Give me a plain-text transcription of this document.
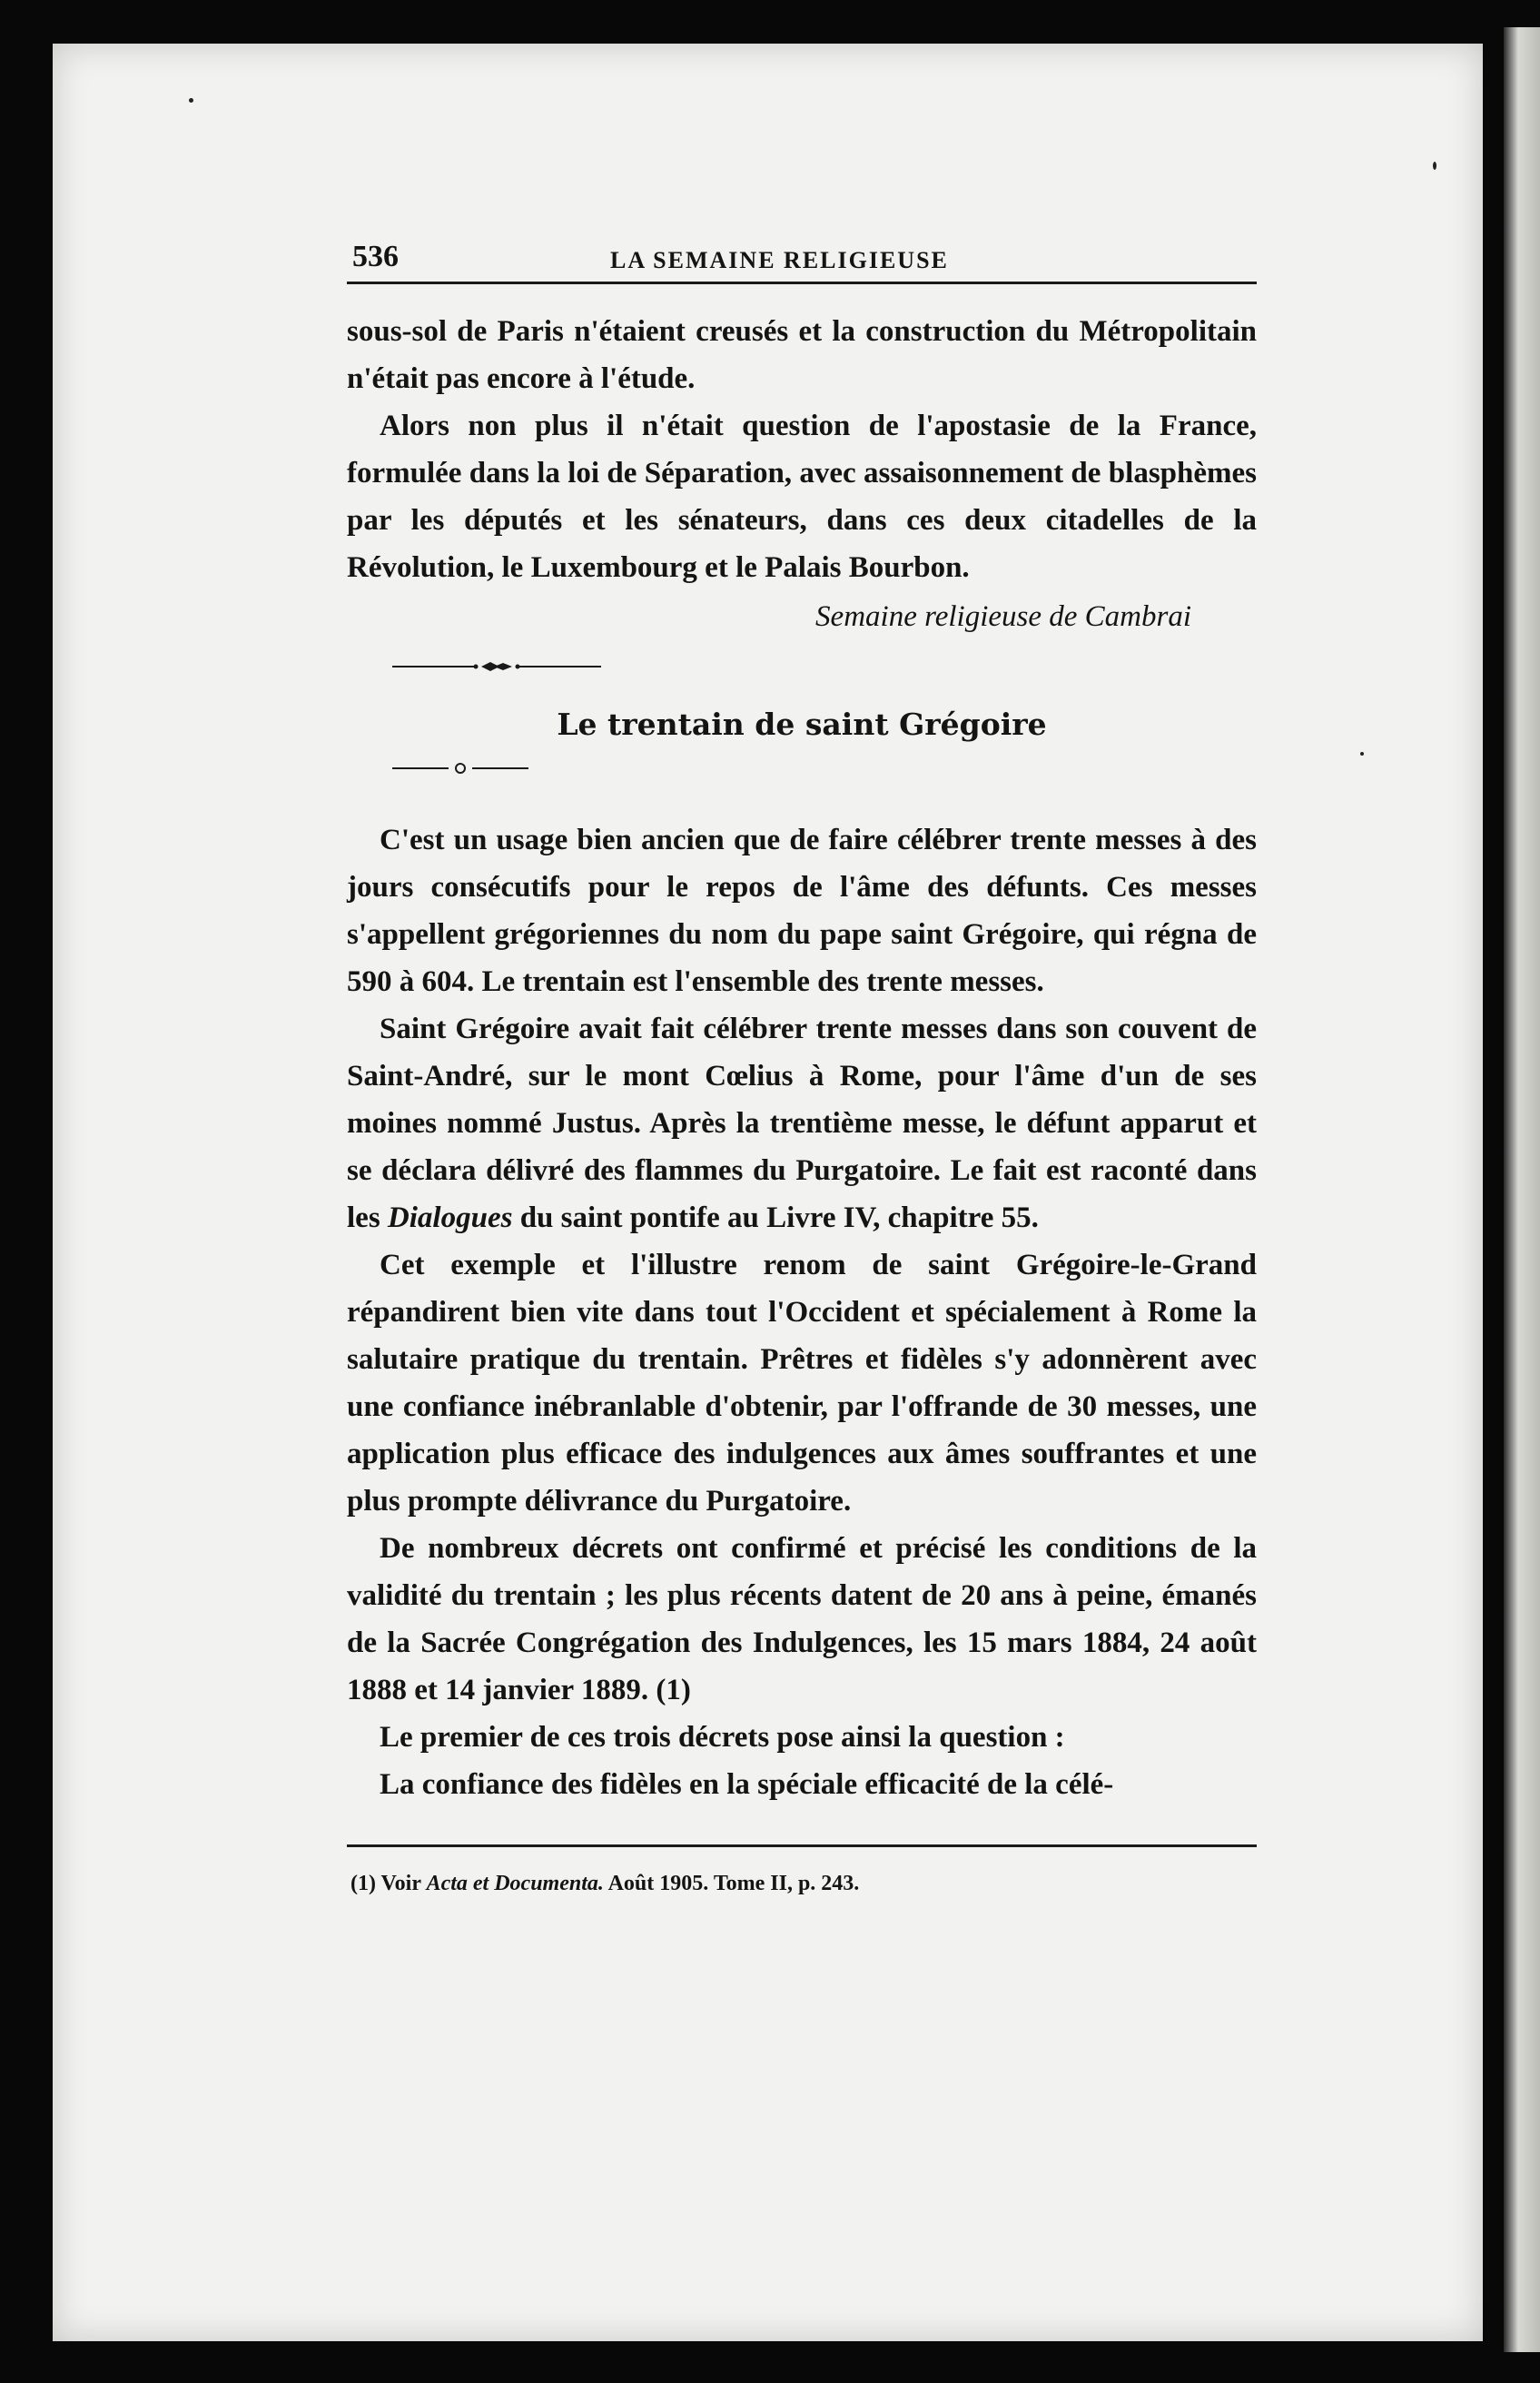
536	LA SEMAINE RELIGIEUSE

sous-sol de Paris n'étaient creusés et la construction du Métropolitain n'était pas encore à l'étude.

Alors non plus il n'était question de l'apostasie de la France, formulée dans la loi de Séparation, avec assaisonnement de blasphèmes par les députés et les sénateurs, dans ces deux citadelles de la Révolution, le Luxembourg et le Palais Bourbon.

Semaine religieuse de Cambrai
Le trentain de saint Grégoire

C'est un usage bien ancien que de faire célébrer trente messes à des jours consécutifs pour le repos de l'âme des défunts. Ces messes s'appellent grégoriennes du nom du pape saint Grégoire, qui régna de 590 à 604. Le trentain est l'ensemble des trente messes.

Saint Grégoire avait fait célébrer trente messes dans son couvent de Saint-André, sur le mont Cœlius à Rome, pour l'âme d'un de ses moines nommé Justus. Après la trentième messe, le défunt apparut et se déclara délivré des flammes du Purgatoire. Le fait est raconté dans les Dialogues du saint pontife au Livre IV, chapitre 55.

Cet exemple et l'illustre renom de saint Grégoire-le-Grand répandirent bien vite dans tout l'Occident et spécialement à Rome la salutaire pratique du trentain. Prêtres et fidèles s'y adonnèrent avec une confiance inébranlable d'obtenir, par l'offrande de 30 messes, une application plus efficace des indulgences aux âmes souffrantes et une plus prompte délivrance du Purgatoire.

De nombreux décrets ont confirmé et précisé les conditions de la validité du trentain ; les plus récents datent de 20 ans à peine, émanés de la Sacrée Congrégation des Indulgences, les 15 mars 1884, 24 août 1888 et 14 janvier 1889. (1)

Le premier de ces trois décrets pose ainsi la question :

La confiance des fidèles en la spéciale efficacité de la célé-

(1) Voir Acta et Documenta. Août 1905. Tome II, p. 243.
